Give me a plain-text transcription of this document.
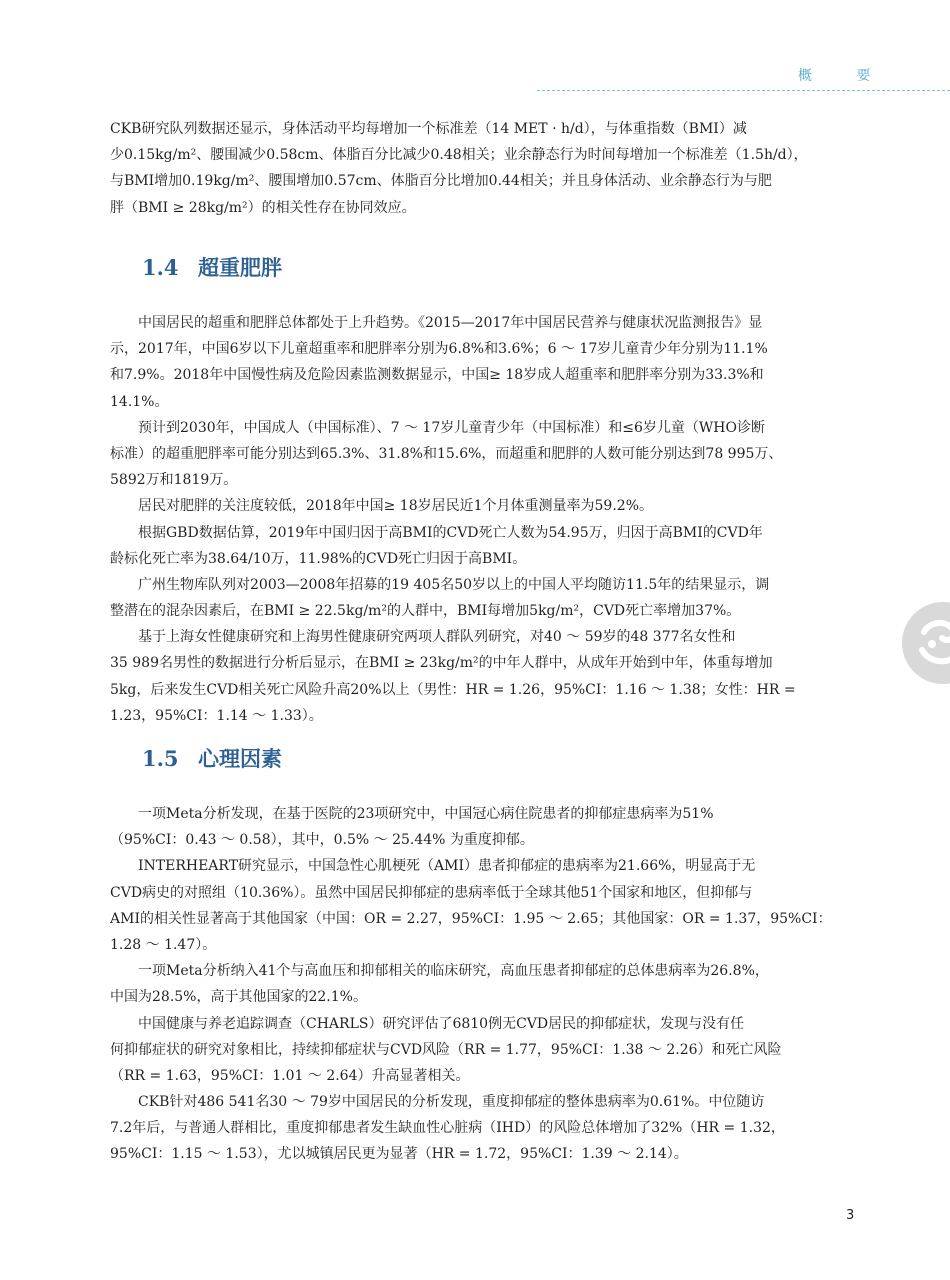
概 要
CKB研究队列数据还显示，身体活动平均每增加一个标准差（14 MET · h/d），与体重指数（BMI）减
少0.15kg/m²、腰围减少0.58cm、体脂百分比减少0.48相关；业余静态行为时间每增加一个标准差（1.5h/d），
与BMI增加0.19kg/m²、腰围增加0.57cm、体脂百分比增加0.44相关；并且身体活动、业余静态行为与肥
胖（BMI ≥ 28kg/m²）的相关性存在协同效应。
1.4 超重肥胖
　　中国居民的超重和肥胖总体都处于上升趋势。《2015—2017年中国居民营养与健康状况监测报告》显
示，2017年，中国6岁以下儿童超重率和肥胖率分别为6.8%和3.6%；6 ～ 17岁儿童青少年分别为11.1%
和7.9%。2018年中国慢性病及危险因素监测数据显示，中国≥ 18岁成人超重率和肥胖率分别为33.3%和
14.1%。
　　预计到2030年，中国成人（中国标准）、7 ～ 17岁儿童青少年（中国标准）和≤6岁儿童（WHO诊断
标准）的超重肥胖率可能分别达到65.3%、31.8%和15.6%，而超重和肥胖的人数可能分别达到78 995万、
5892万和1819万。
　　居民对肥胖的关注度较低，2018年中国≥ 18岁居民近1个月体重测量率为59.2%。
　　根据GBD数据估算，2019年中国归因于高BMI的CVD死亡人数为54.95万，归因于高BMI的CVD年
龄标化死亡率为38.64/10万，11.98%的CVD死亡归因于高BMI。
　　广州生物库队列对2003—2008年招募的19 405名50岁以上的中国人平均随访11.5年的结果显示，调
整潜在的混杂因素后，在BMI ≥ 22.5kg/m²的人群中，BMI每增加5kg/m²，CVD死亡率增加37%。
　　基于上海女性健康研究和上海男性健康研究两项人群队列研究，对40 ～ 59岁的48 377名女性和
35 989名男性的数据进行分析后显示，在BMI ≥ 23kg/m²的中年人群中，从成年开始到中年，体重每增加
5kg，后来发生CVD相关死亡风险升高20%以上（男性：HR = 1.26，95%CI：1.16 ～ 1.38；女性：HR =
1.23，95%CI：1.14 ～ 1.33）。
1.5 心理因素
　　一项Meta分析发现，在基于医院的23项研究中，中国冠心病住院患者的抑郁症患病率为51%
（95%CI：0.43 ～ 0.58），其中，0.5% ～ 25.44% 为重度抑郁。
　　INTERHEART研究显示，中国急性心肌梗死（AMI）患者抑郁症的患病率为21.66%，明显高于无
CVD病史的对照组（10.36%）。虽然中国居民抑郁症的患病率低于全球其他51个国家和地区，但抑郁与
AMI的相关性显著高于其他国家（中国：OR = 2.27，95%CI：1.95 ～ 2.65；其他国家：OR = 1.37，95%CI：
1.28 ～ 1.47）。
　　一项Meta分析纳入41个与高血压和抑郁相关的临床研究，高血压患者抑郁症的总体患病率为26.8%，
中国为28.5%，高于其他国家的22.1%。
　　中国健康与养老追踪调查（CHARLS）研究评估了6810例无CVD居民的抑郁症状，发现与没有任
何抑郁症状的研究对象相比，持续抑郁症状与CVD风险（RR = 1.77，95%CI：1.38 ～ 2.26）和死亡风险
（RR = 1.63，95%CI：1.01 ～ 2.64）升高显著相关。
　　CKB针对486 541名30 ～ 79岁中国居民的分析发现，重度抑郁症的整体患病率为0.61%。中位随访
7.2年后，与普通人群相比，重度抑郁患者发生缺血性心脏病（IHD）的风险总体增加了32%（HR = 1.32，
95%CI：1.15 ～ 1.53），尤以城镇居民更为显著（HR = 1.72，95%CI：1.39 ～ 2.14）。
3
